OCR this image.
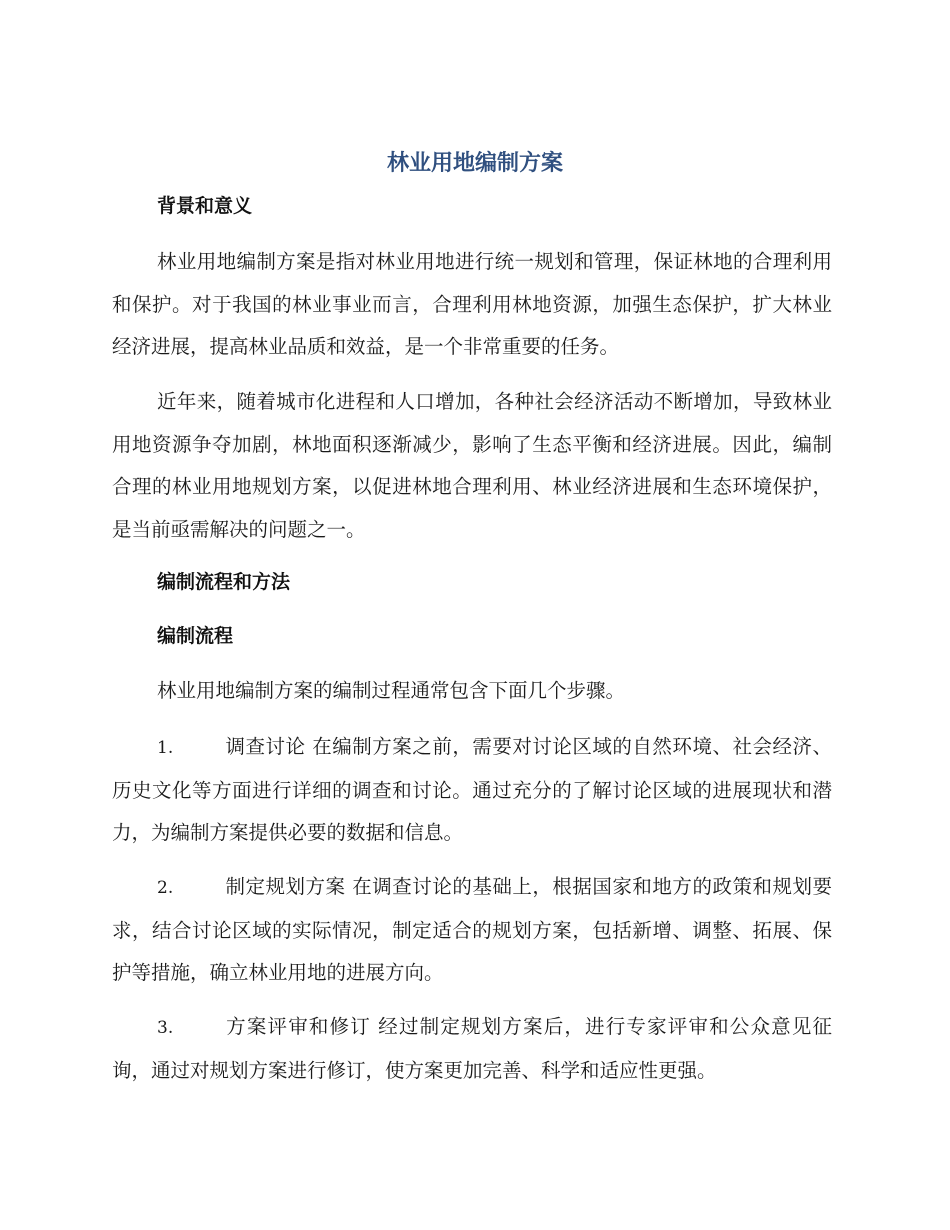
林业用地编制方案
背景和意义

林业用地编制方案是指对林业用地进行统一规划和管理，保证林地的合理利用和保护。对于我国的林业事业而言，合理利用林地资源，加强生态保护，扩大林业经济进展，提高林业品质和效益，是一个非常重要的任务。

近年来，随着城市化进程和人口增加，各种社会经济活动不断增加，导致林业用地资源争夺加剧，林地面积逐渐减少，影响了生态平衡和经济进展。因此，编制合理的林业用地规划方案，以促进林地合理利用、林业经济进展和生态环境保护，是当前亟需解决的问题之一。

编制流程和方法
编制流程

林业用地编制方案的编制过程通常包含下面几个步骤。

1.	调查讨论 在编制方案之前，需要对讨论区域的自然环境、社会经济、历史文化等方面进行详细的调查和讨论。通过充分的了解讨论区域的进展现状和潜力，为编制方案提供必要的数据和信息。

2.	制定规划方案 在调查讨论的基础上，根据国家和地方的政策和规划要求，结合讨论区域的实际情况，制定适合的规划方案，包括新增、调整、拓展、保护等措施，确立林业用地的进展方向。

3.	方案评审和修订 经过制定规划方案后，进行专家评审和公众意见征询，通过对规划方案进行修订，使方案更加完善、科学和适应性更强。
